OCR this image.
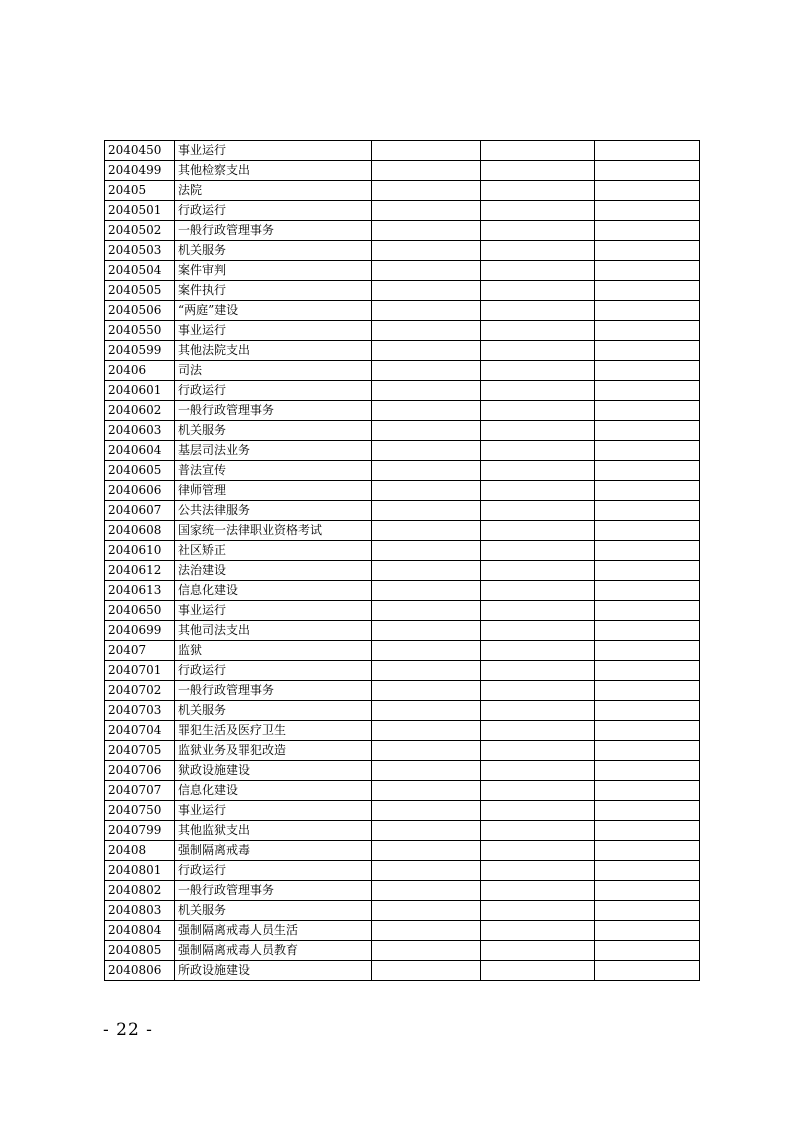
2040450	事业运行			
2040499	其他检察支出			
20405	法院			
2040501	行政运行			
2040502	一般行政管理事务			
2040503	机关服务			
2040504	案件审判			
2040505	案件执行			
2040506	“两庭”建设			
2040550	事业运行			
2040599	其他法院支出			
20406	司法			
2040601	行政运行			
2040602	一般行政管理事务			
2040603	机关服务			
2040604	基层司法业务			
2040605	普法宣传			
2040606	律师管理			
2040607	公共法律服务			
2040608	国家统一法律职业资格考试			
2040610	社区矫正			
2040612	法治建设			
2040613	信息化建设			
2040650	事业运行			
2040699	其他司法支出			
20407	监狱			
2040701	行政运行			
2040702	一般行政管理事务			
2040703	机关服务			
2040704	罪犯生活及医疗卫生			
2040705	监狱业务及罪犯改造			
2040706	狱政设施建设			
2040707	信息化建设			
2040750	事业运行			
2040799	其他监狱支出			
20408	强制隔离戒毒			
2040801	行政运行			
2040802	一般行政管理事务			
2040803	机关服务			
2040804	强制隔离戒毒人员生活			
2040805	强制隔离戒毒人员教育			
2040806	所政设施建设			
- 22 -
